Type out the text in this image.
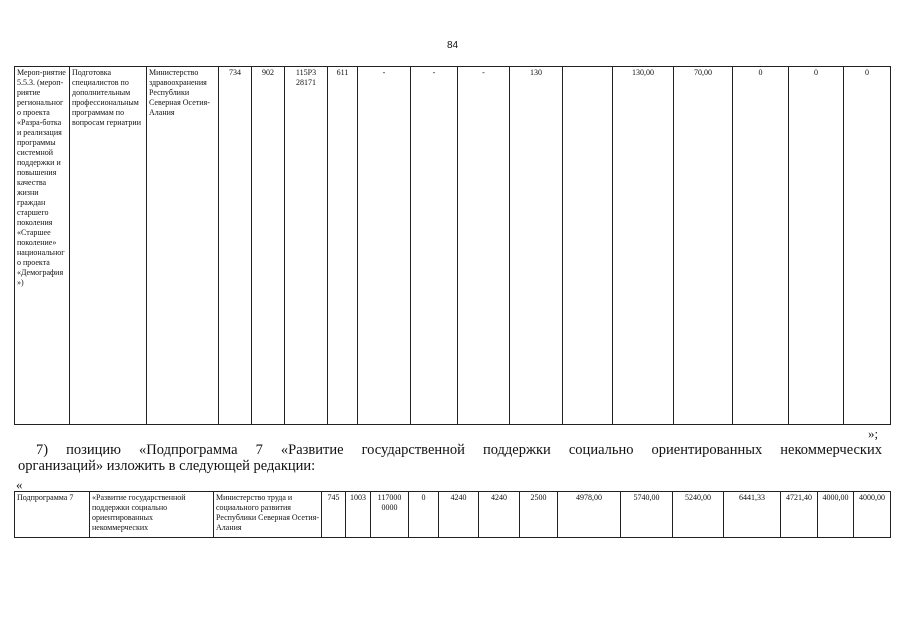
84
Мероп-риятие 5.5.3. (мероп-риятие регионального проекта «Разра-ботка и реализация программы системной поддержки и повышения качества жизни граждан старшего поколения «Старшее поколение» национального проекта «Демография»)	Подготовка специалистов по дополнительным профессиональным программам по вопросам гериатрии	Министерство здравоохранения Республики Северная Осетия-Алания	734	902	115Р3 28171	611	-	-	-	130		130,00	70,00	0	0	0
»;
7) позицию «Подпрограмма 7 «Развитие государственной поддержки социально ориентированных некоммерческих
организаций» изложить в следующей редакции:
«
Подпрограмма 7	«Развитие государственной поддержки социально ориентированных некоммерческих	Министерство труда и социального развития Республики Северная Осетия-Алания	745	1003	117000 0000	0	4240	4240	2500	4978,00	5740,00	5240,00	6441,33	4721,40	4000,00	4000,00
